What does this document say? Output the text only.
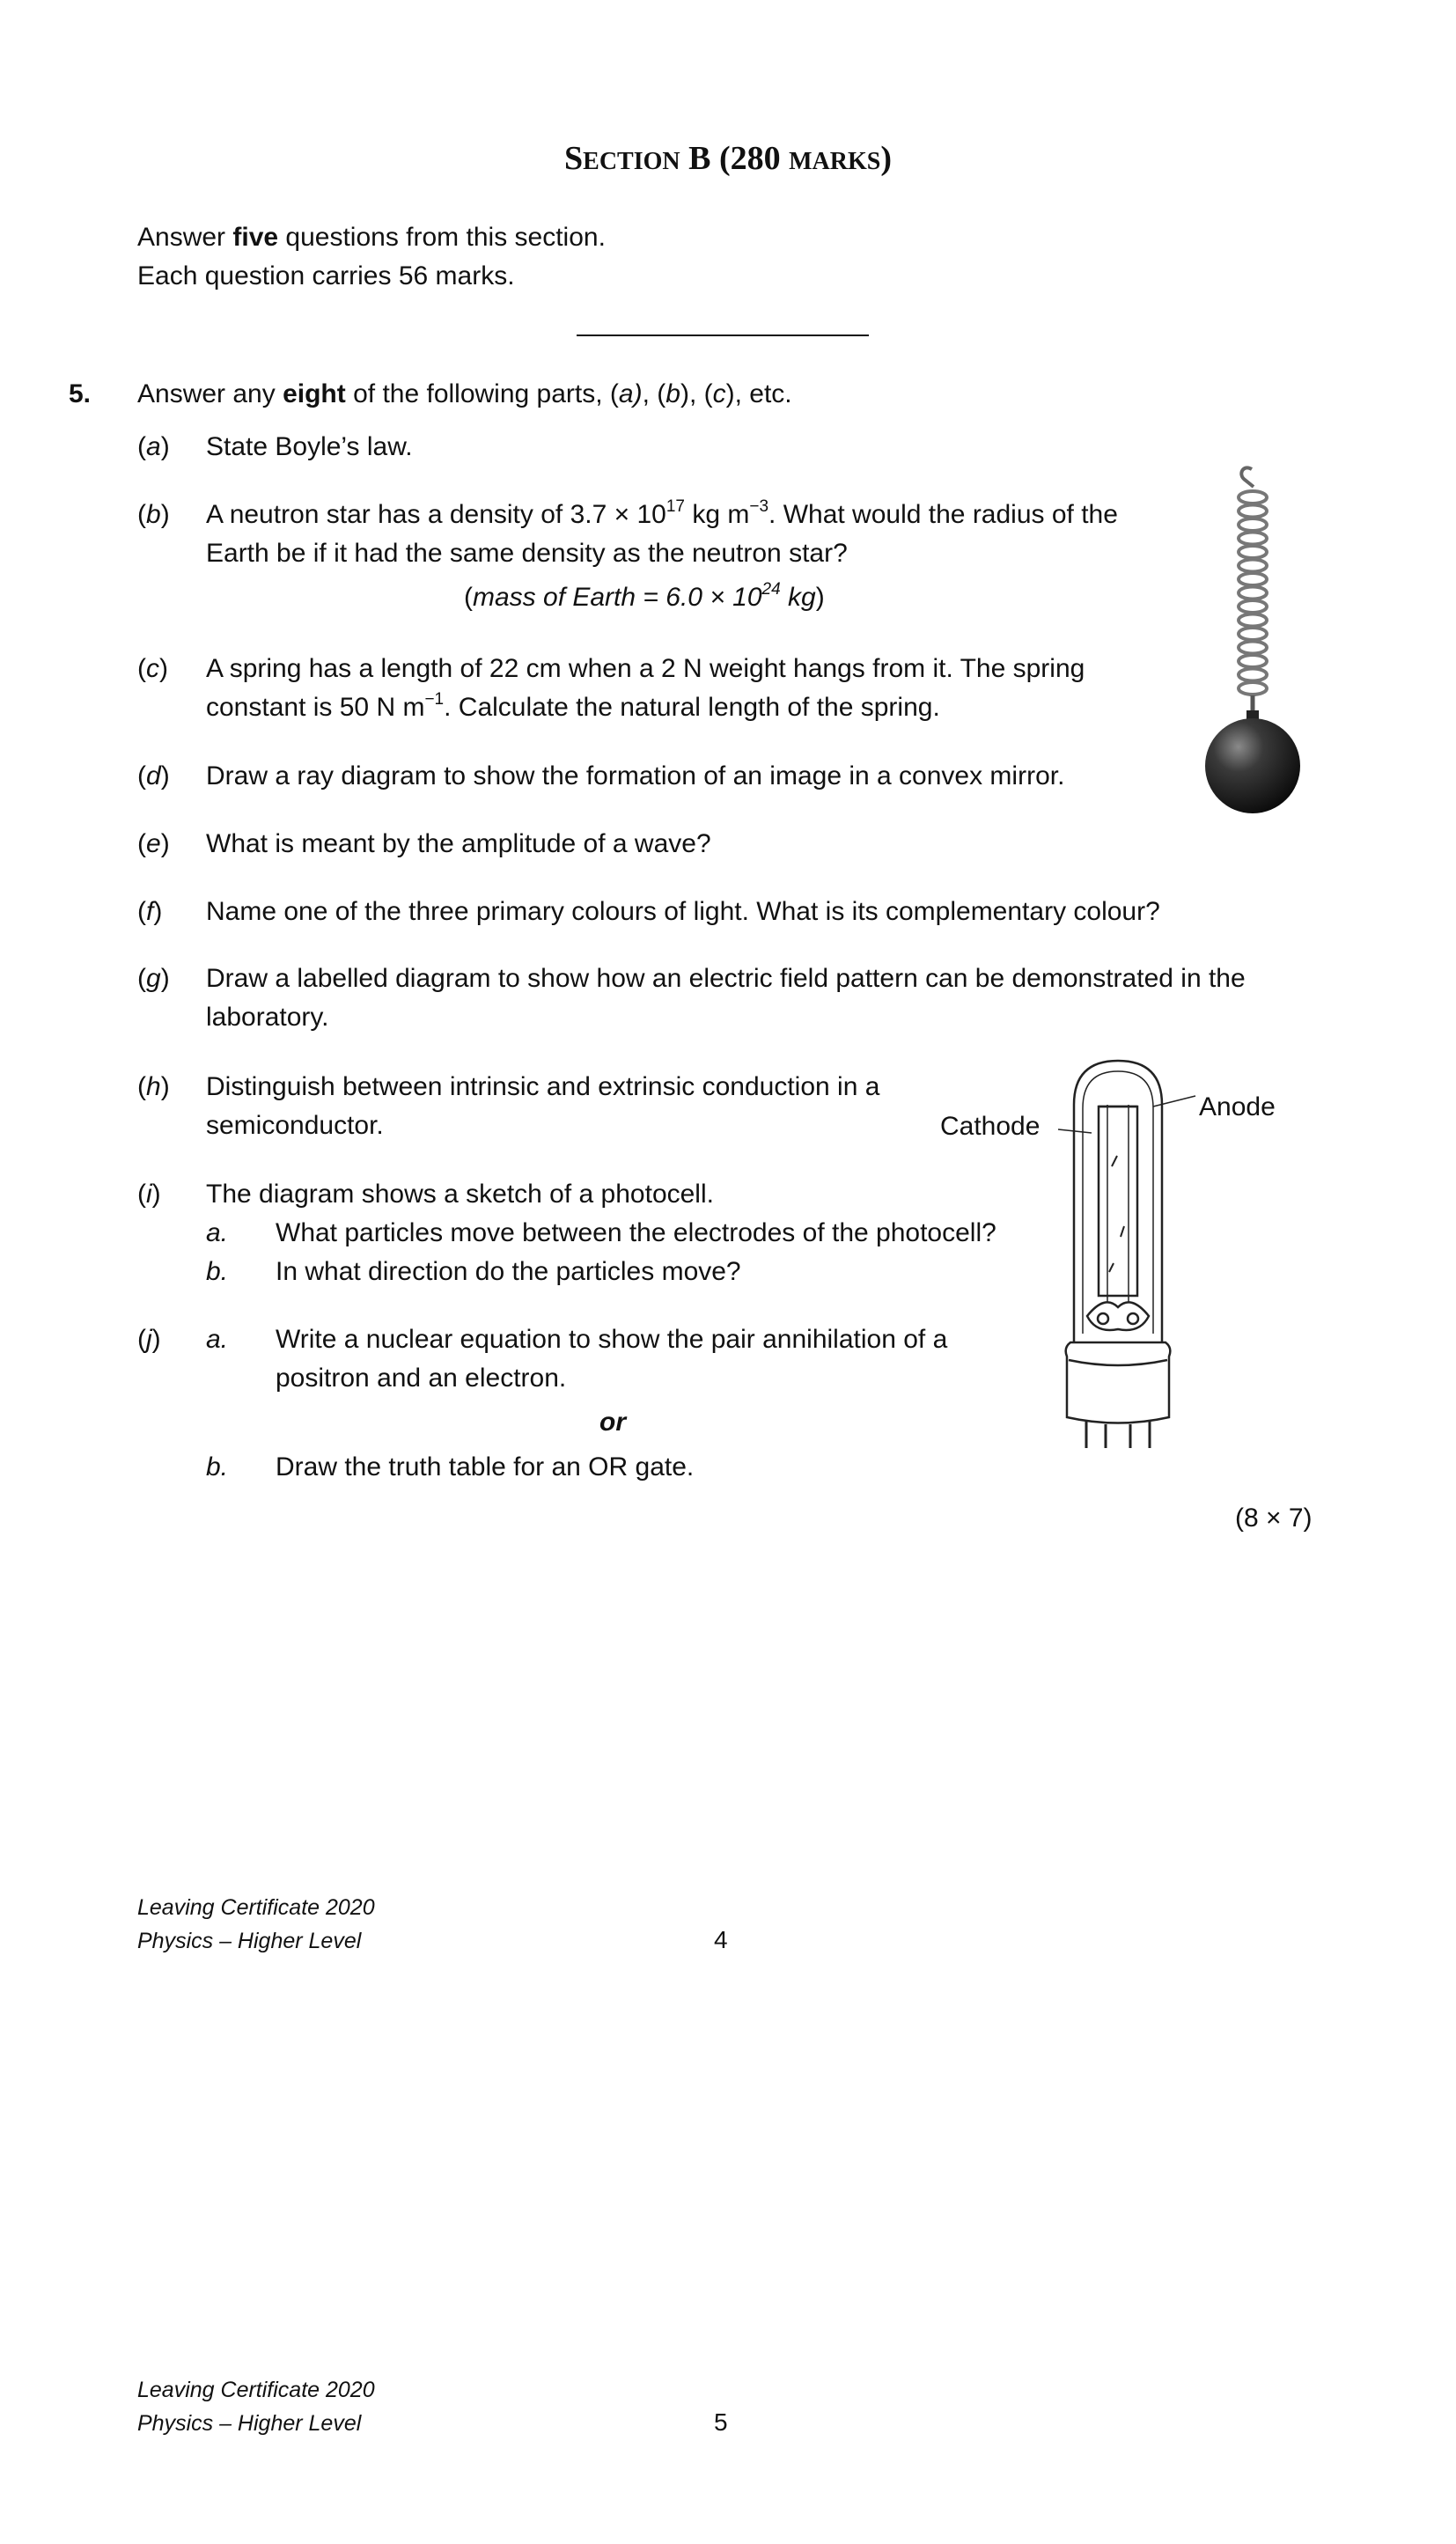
SECTION B (280 MARKS)
Answer five questions from this section.
Each question carries 56 marks.
5. Answer any eight of the following parts, (a), (b), (c), etc.
(a) State Boyle’s law.
(b) A neutron star has a density of $3.7 \times 10^{17}$ kg $m^{-3}$. What would the radius of the
Earth be if it had the same density as the neutron star?
(mass of Earth = $6.0 \times 10^{24}$ kg)
(c) A spring has a length of 22 cm when a 2 N weight hangs from it. The spring
constant is 50 N $m^{-1}$. Calculate the natural length of the spring.
(d) Draw a ray diagram to show the formation of an image in a convex mirror.
(e) What is meant by the amplitude of a wave?
(f) Name one of the three primary colours of light. What is its complementary colour?
(g) Draw a labelled diagram to show how an electric field pattern can be demonstrated in the
laboratory.
(h) Distinguish between intrinsic and extrinsic conduction in a
semiconductor.
(i) The diagram shows a sketch of a photocell.
a. What particles move between the electrodes of the photocell?
b. In what direction do the particles move?
(j) a. Write a nuclear equation to show the pair annihilation of a
positron and an electron.
or
b. Draw the truth table for an OR gate.
(8 × 7)
Cathode
Anode
Leaving Certificate 2020
Physics – Higher Level	4
Leaving Certificate 2020
Physics – Higher Level	5
